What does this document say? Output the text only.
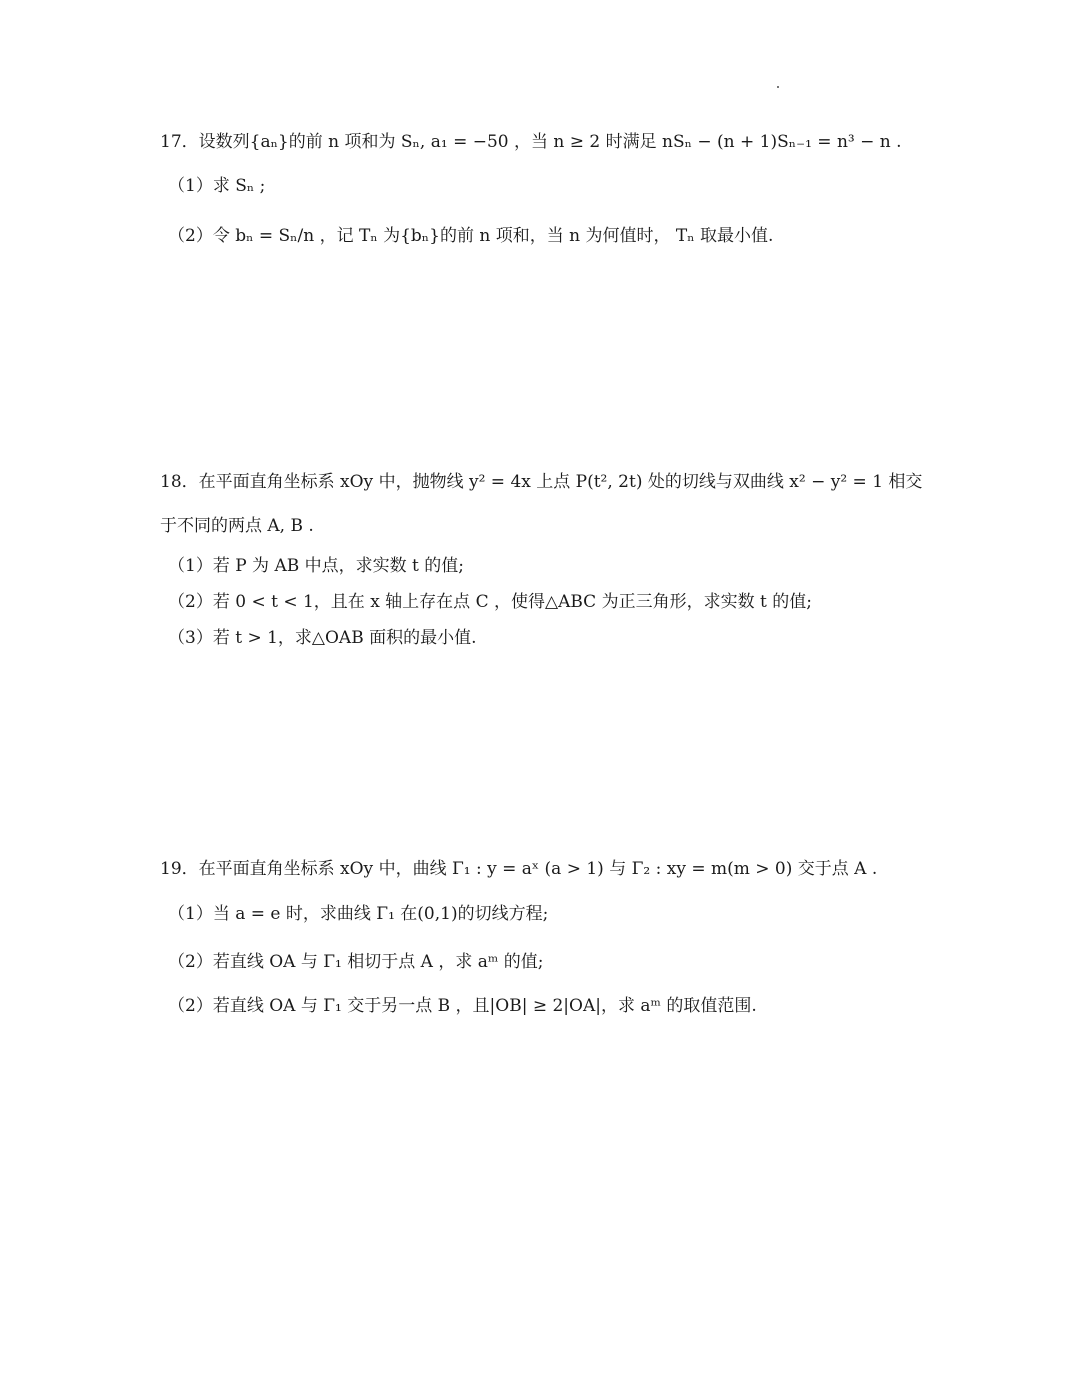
17．设数列{aₙ}的前 n 项和为 Sₙ, a₁ = −50 ，当 n ≥ 2 时满足 nSₙ − (n + 1)Sₙ₋₁ = n³ − n .
（1）求 Sₙ ;
（2）令 bₙ = Sₙ/n ，记 Tₙ 为{bₙ}的前 n 项和，当 n 为何值时， Tₙ 取最小值.
18．在平面直角坐标系 xOy 中，抛物线 y² = 4x 上点 P(t², 2t) 处的切线与双曲线 x² − y² = 1 相交
于不同的两点 A, B .
（1）若 P 为 AB 中点，求实数 t 的值;
（2）若 0 < t < 1，且在 x 轴上存在点 C ，使得△ABC 为正三角形，求实数 t 的值;
（3）若 t > 1，求△OAB 面积的最小值.
19．在平面直角坐标系 xOy 中，曲线 Γ₁ : y = aˣ (a > 1) 与 Γ₂ : xy = m(m > 0) 交于点 A .
（1）当 a = e 时，求曲线 Γ₁ 在(0,1)的切线方程;
（2）若直线 OA 与 Γ₁ 相切于点 A ，求 aᵐ 的值;
（2）若直线 OA 与 Γ₁ 交于另一点 B ，且|OB| ≥ 2|OA|，求 aᵐ 的取值范围.
